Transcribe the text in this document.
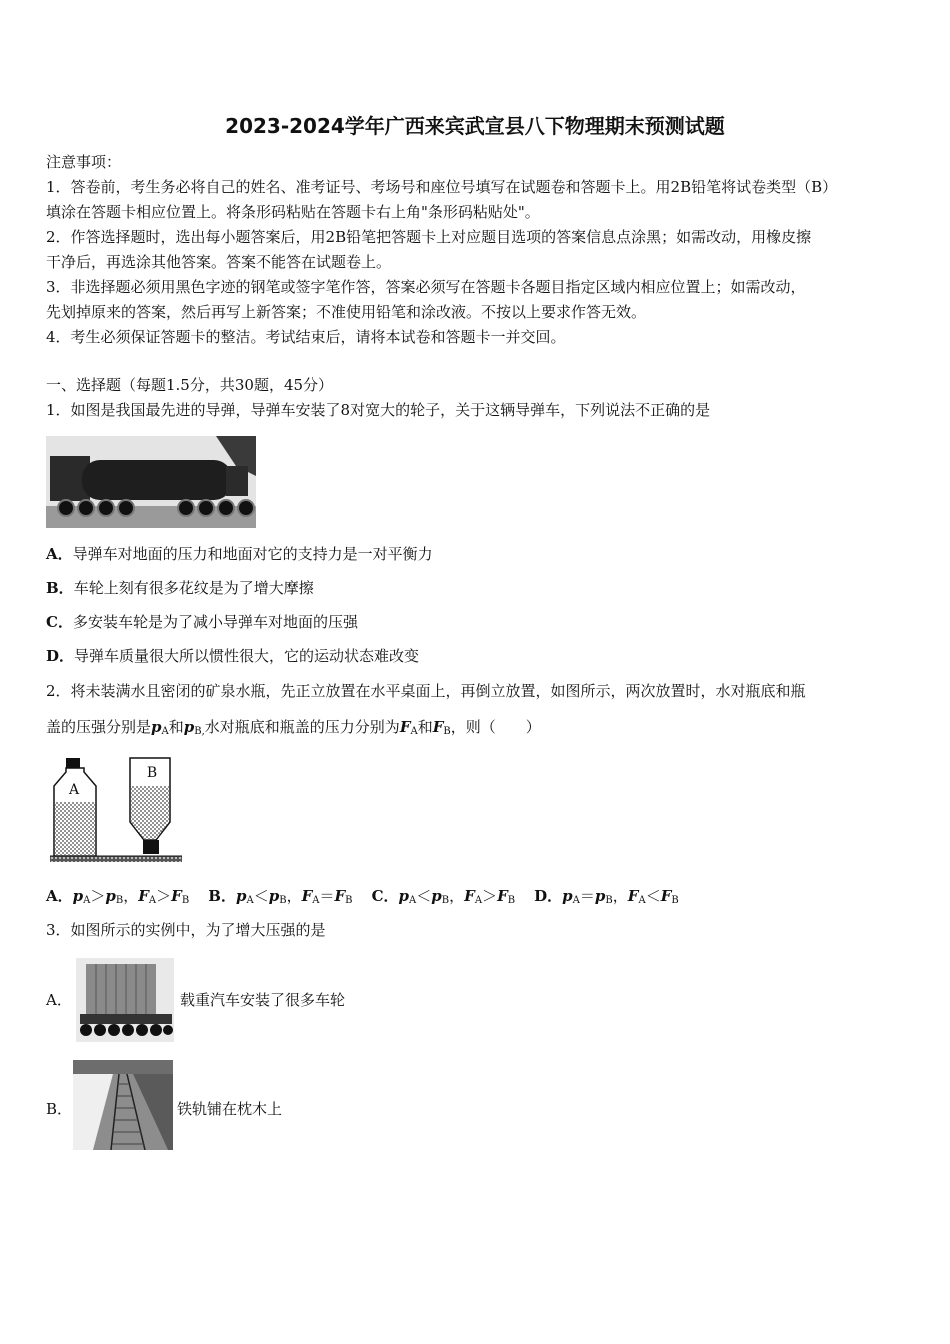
2023-2024学年广西来宾武宣县八下物理期末预测试题
注意事项：
1．答卷前，考生务必将自己的姓名、准考证号、考场号和座位号填写在试题卷和答题卡上。用2B铅笔将试卷类型（B）
填涂在答题卡相应位置上。将条形码粘贴在答题卡右上角"条形码粘贴处"。
2．作答选择题时，选出每小题答案后，用2B铅笔把答题卡上对应题目选项的答案信息点涂黑；如需改动，用橡皮擦
干净后，再选涂其他答案。答案不能答在试题卷上。
3．非选择题必须用黑色字迹的钢笔或签字笔作答，答案必须写在答题卡各题目指定区域内相应位置上；如需改动，
先划掉原来的答案，然后再写上新答案；不准使用铅笔和涂改液。不按以上要求作答无效。
4．考生必须保证答题卡的整洁。考试结束后，请将本试卷和答题卡一并交回。
一、选择题（每题1.5分，共30题，45分）
1．如图是我国最先进的导弹，导弹车安装了8对宽大的轮子，关于这辆导弹车，下列说法不正确的是
A．导弹车对地面的压力和地面对它的支持力是一对平衡力
B．车轮上刻有很多花纹是为了增大摩擦
C．多安装车轮是为了减小导弹车对地面的压强
D．导弹车质量很大所以惯性很大，它的运动状态难改变
2．将未装满水且密闭的矿泉水瓶，先正立放置在水平桌面上，再倒立放置，如图所示，两次放置时，水对瓶底和瓶
盖的压强分别是$p_A$和$p_{B,}$水对瓶底和瓶盖的压力分别为$F_A$和$F_B$，则（　　）
A
B
A．$p_A>p_B$，$F_A>F_B$ B．$p_A<p_B$，$F_A=F_B$ C．$p_A<p_B$，$F_A>F_B$ D．$p_A=p_B$，$F_A<F_B$
3．如图所示的实例中，为了增大压强的是
A．	载重汽车安装了很多车轮
B．	铁轨铺在枕木上
